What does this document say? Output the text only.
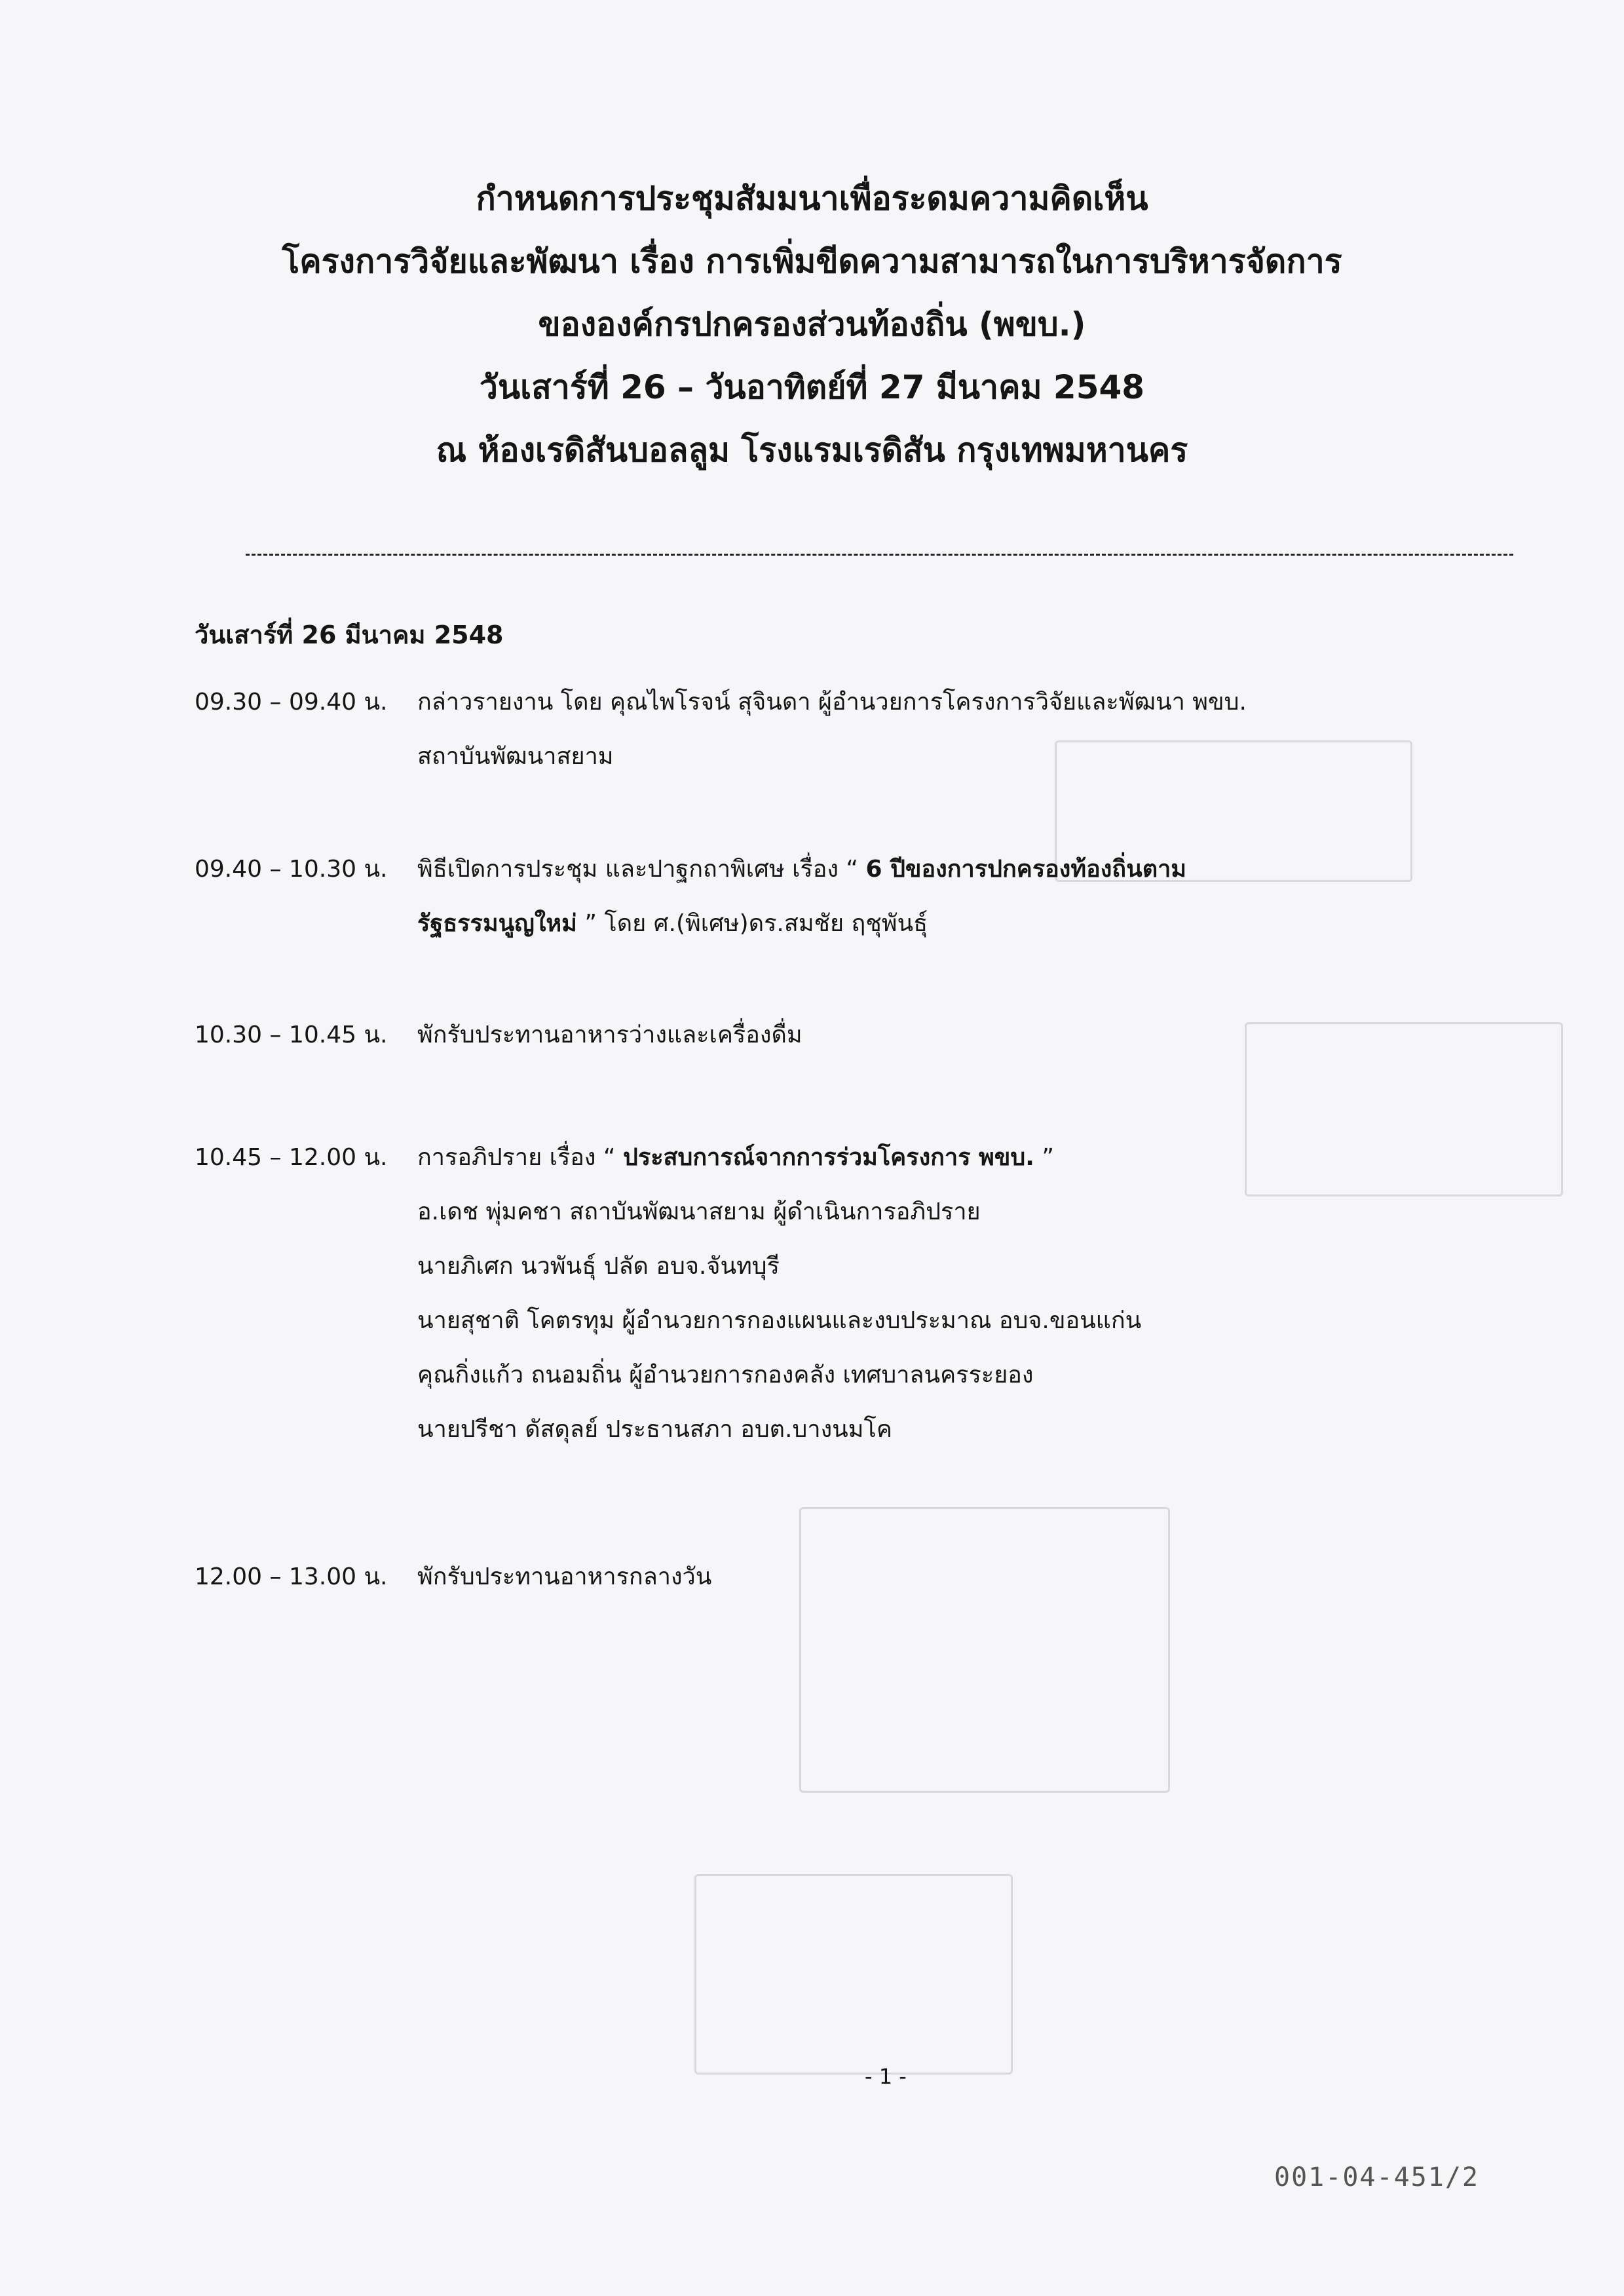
กำหนดการประชุมสัมมนาเพื่อระดมความคิดเห็น
โครงการวิจัยและพัฒนา เรื่อง การเพิ่มขีดความสามารถในการบริหารจัดการ
ขององค์กรปกครองส่วนท้องถิ่น (พขบ.)
วันเสาร์ที่ 26 – วันอาทิตย์ที่ 27 มีนาคม 2548
ณ ห้องเรดิสันบอลลูม โรงแรมเรดิสัน กรุงเทพมหานคร
วันเสาร์ที่ 26 มีนาคม 2548
09.30 – 09.40 น.	กล่าวรายงาน โดย คุณไพโรจน์ สุจินดา ผู้อำนวยการโครงการวิจัยและพัฒนา พขบ.
สถาบันพัฒนาสยาม
09.40 – 10.30 น.	พิธีเปิดการประชุม และปาฐกถาพิเศษ เรื่อง “ 6 ปีของการปกครองท้องถิ่นตาม
รัฐธรรมนูญใหม่ ” โดย ศ.(พิเศษ)ดร.สมชัย ฤชุพันธุ์
10.30 – 10.45 น.	พักรับประทานอาหารว่างและเครื่องดื่ม
10.45 – 12.00 น.	การอภิปราย เรื่อง “ ประสบการณ์จากการร่วมโครงการ พขบ. ”
อ.เดช พุ่มคชา สถาบันพัฒนาสยาม ผู้ดำเนินการอภิปราย
นายภิเศก นวพันธุ์ ปลัด อบจ.จันทบุรี
นายสุชาติ โคตรทุม ผู้อำนวยการกองแผนและงบประมาณ อบจ.ขอนแก่น
คุณกิ่งแก้ว ถนอมถิ่น ผู้อำนวยการกองคลัง เทศบาลนครระยอง
นายปรีชา ดัสดุลย์ ประธานสภา อบต.บางนมโค
12.00 – 13.00 น.	พักรับประทานอาหารกลางวัน
- 1 -
001-04-451/2
